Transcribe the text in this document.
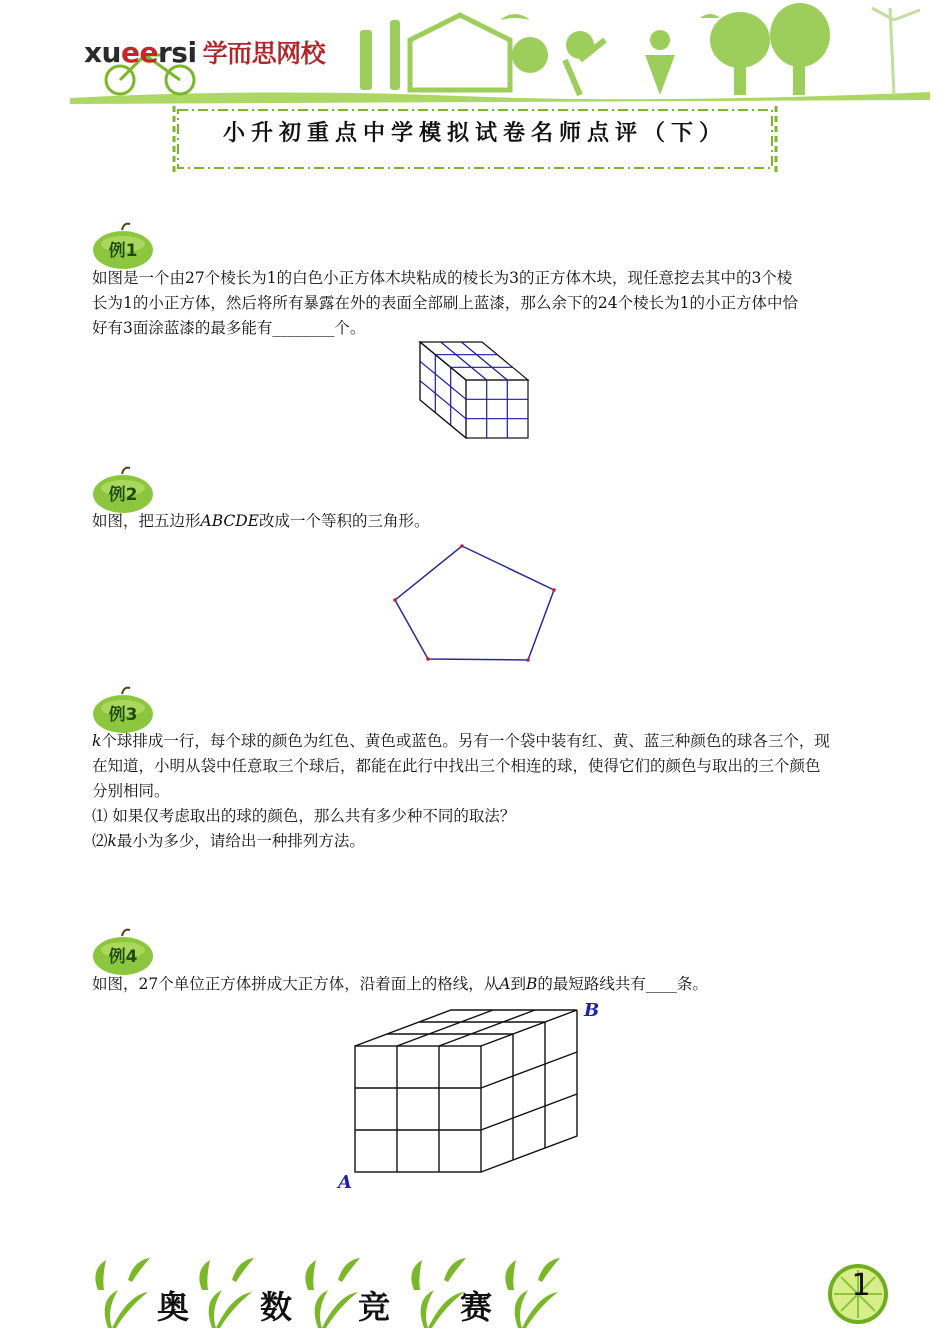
xueersi 学而思网校
小升初重点中学模拟试卷名师点评（下）
例1
如图是一个由27个棱长为1的白色小正方体木块粘成的棱长为3的正方体木块，现任意挖去其中的3个棱
长为1的小正方体，然后将所有暴露在外的表面全部刷上蓝漆，那么余下的24个棱长为1的小正方体中恰
好有3面涂蓝漆的最多能有________个。
例2
如图，把五边形ABCDE改成一个等积的三角形。
例3
k个球排成一行，每个球的颜色为红色、黄色或蓝色。另有一个袋中装有红、黄、蓝三种颜色的球各三个，现
在知道，小明从袋中任意取三个球后，都能在此行中找出三个相连的球，使得它们的颜色与取出的三个颜色
分别相同。
⑴ 如果仅考虑取出的球的颜色，那么共有多少种不同的取法？
⑵k最小为多少，请给出一种排列方法。
例4
如图，27个单位正方体拼成大正方体，沿着面上的格线，从A到B的最短路线共有____条。
B
A
奥 数 竞 赛
1
